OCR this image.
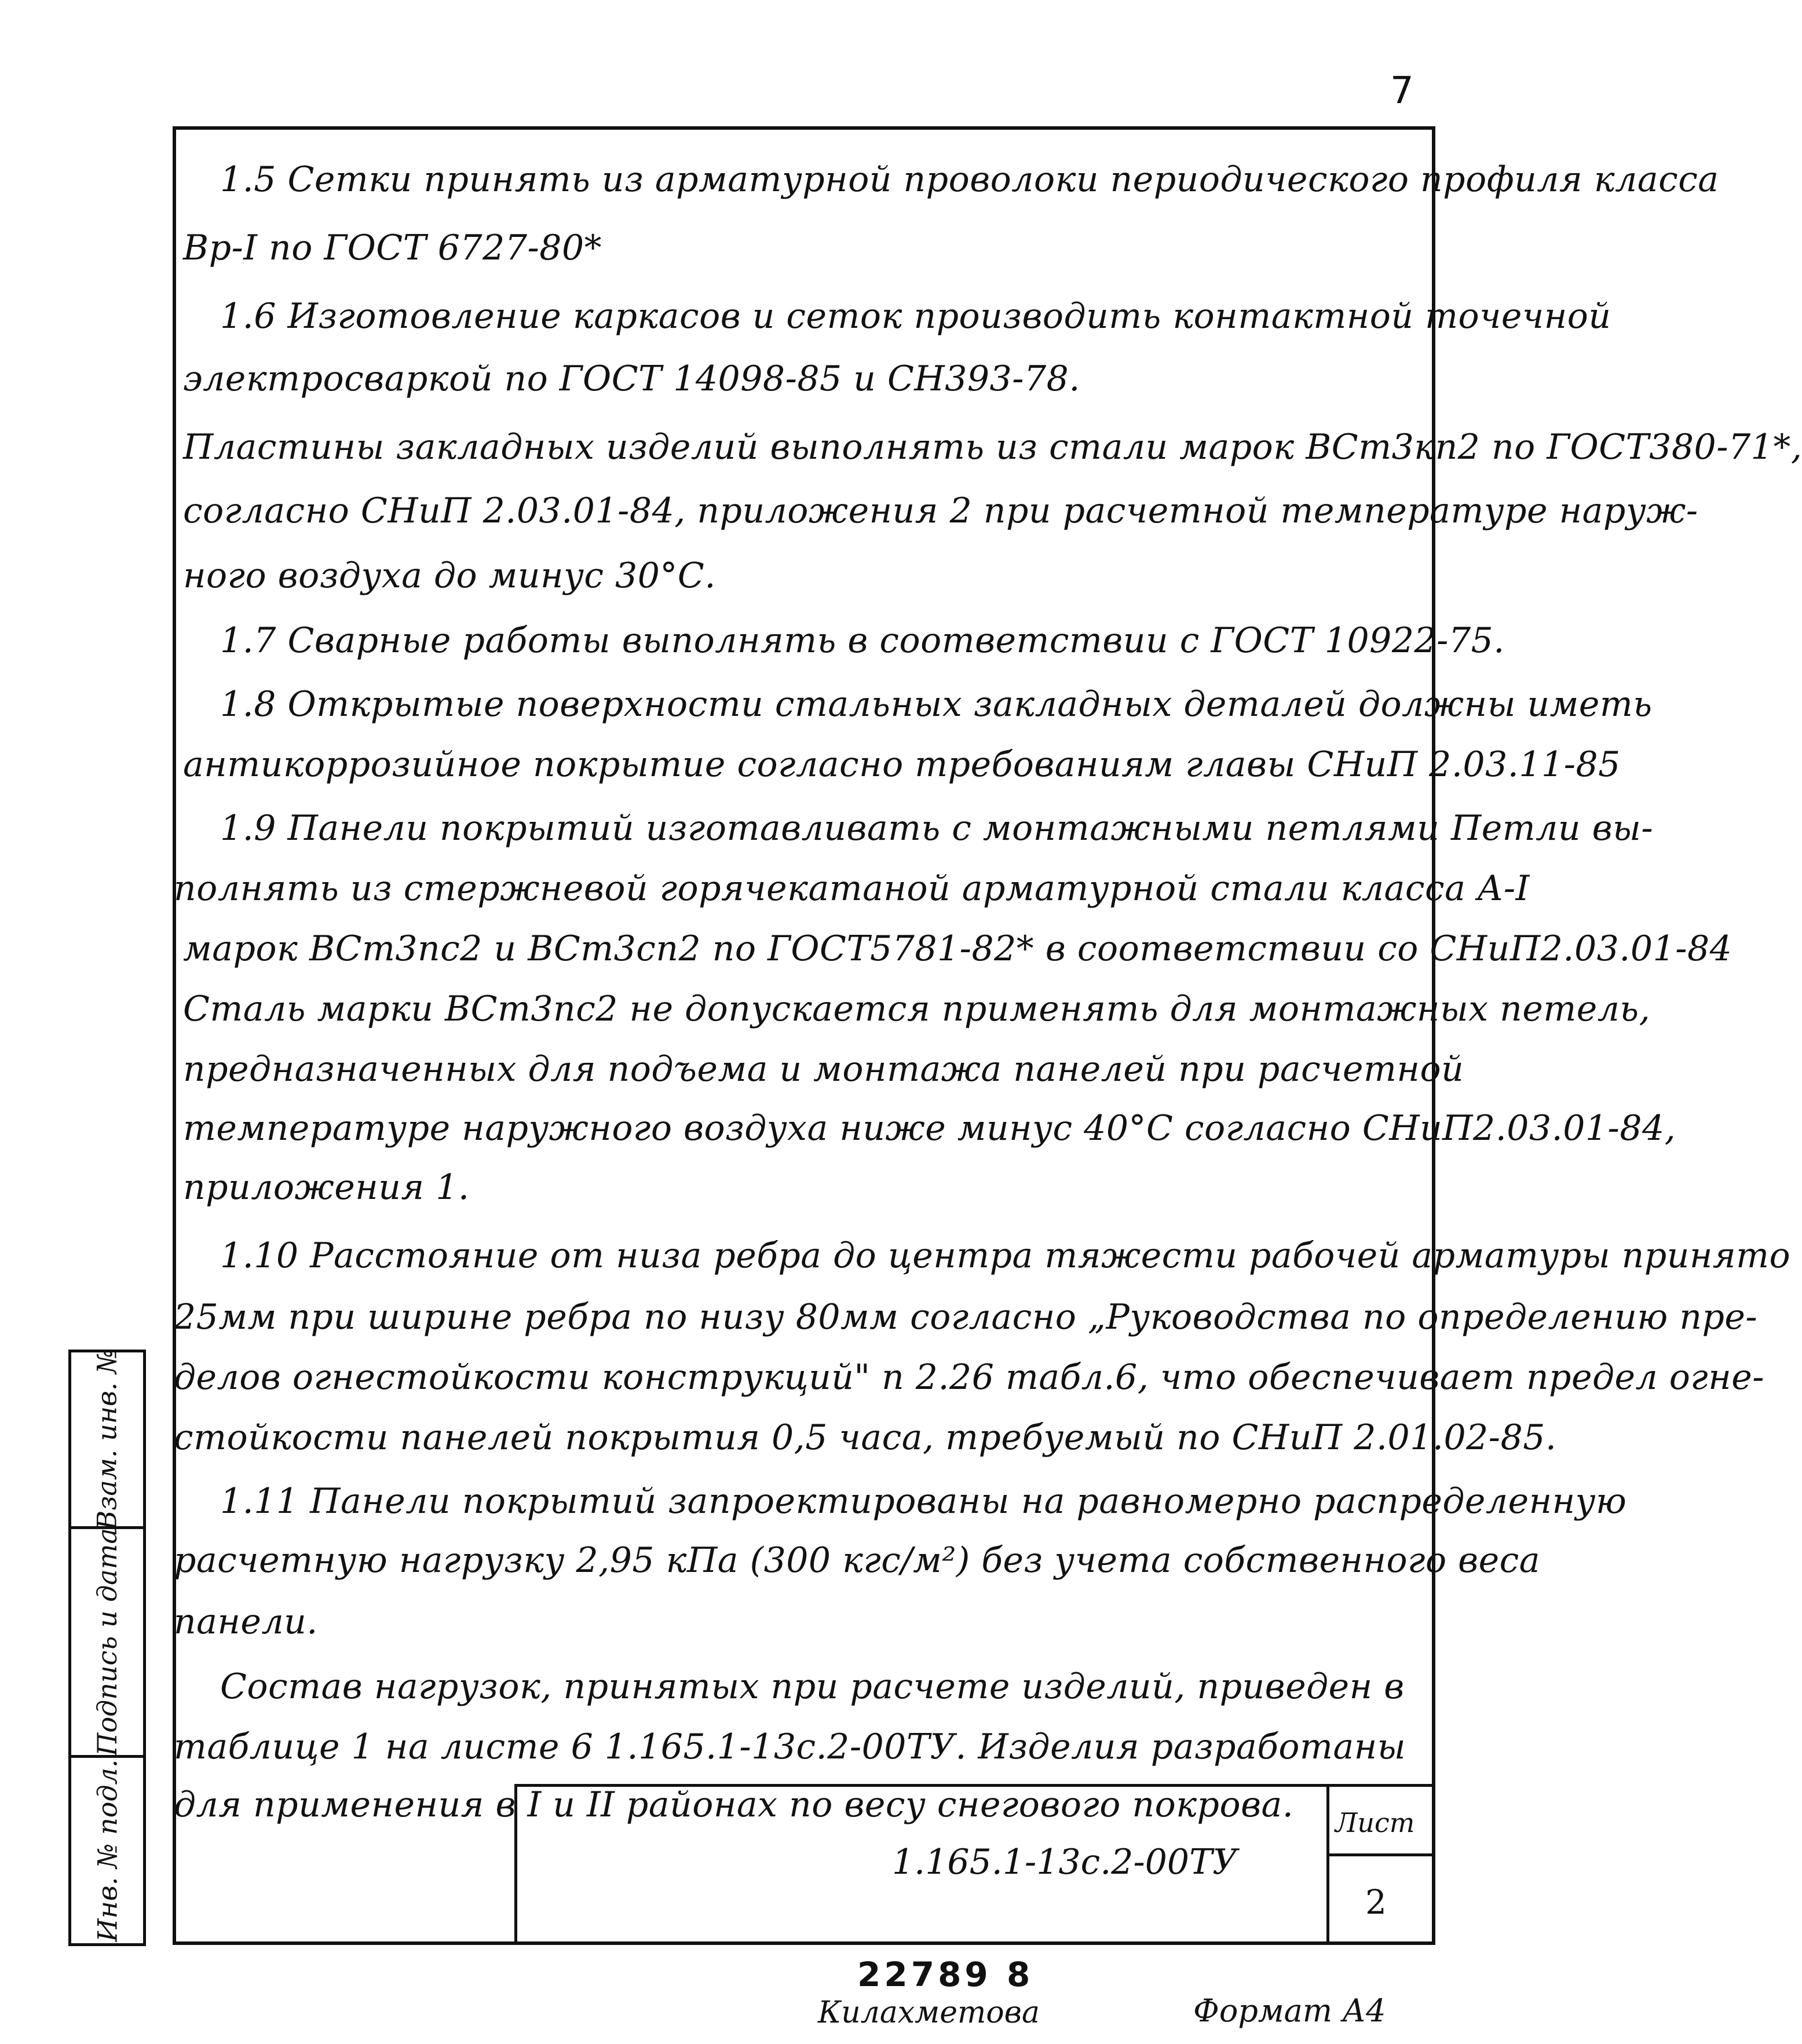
7
1.5 Сетки принять из арматурной проволоки периодического профиля класса
Вр-I по ГОСТ 6727-80*
1.6 Изготовление каркасов и сеток производить контактной точечной
электросваркой по ГОСТ 14098-85 и СН393-78.
Пластины закладных изделий выполнять из стали марок ВСт3кп2 по ГОСТ380-71*,
согласно СНиП 2.03.01-84, приложения 2 при расчетной температуре наруж-
ного воздуха до минус 30°С.
1.7 Сварные работы выполнять в соответствии с ГОСТ 10922-75.
1.8 Открытые поверхности стальных закладных деталей должны иметь
антикоррозийное покрытие согласно требованиям главы СНиП 2.03.11-85
1.9 Панели покрытий изготавливать с монтажными петлями Петли вы-
полнять из стержневой горячекатаной арматурной стали класса А-I
марок ВСт3пс2 и ВСт3сп2 по ГОСТ5781-82* в соответствии со СНиП2.03.01-84
Сталь марки ВСт3пс2 не допускается применять для монтажных петель,
предназначенных для подъема и монтажа панелей при расчетной
температуре наружного воздуха ниже минус 40°С согласно СНиП2.03.01-84,
приложения 1.
1.10 Расстояние от низа ребра до центра тяжести рабочей арматуры принято
25мм при ширине ребра по низу 80мм согласно „Руководства по определению пре-
делов огнестойкости конструкций" п 2.26 табл.6, что обеспечивает предел огне-
стойкости панелей покрытия 0,5 часа, требуемый по СНиП 2.01.02-85.
1.11 Панели покрытий запроектированы на равномерно распределенную
расчетную нагрузку 2,95 кПа (300 кгс/м²) без учета собственного веса
панели.
Состав нагрузок, принятых при расчете изделий, приведен в
таблице 1 на листе 6 1.165.1-13с.2-00ТУ. Изделия разработаны
для применения в I и II районах по весу снегового покрова.
Взам. инв. №
Подпись и дата
Инв. № подл.	1.165.1-13с.2-00ТУ
Лист
2
22789 8
Килахметова	Формат А4
